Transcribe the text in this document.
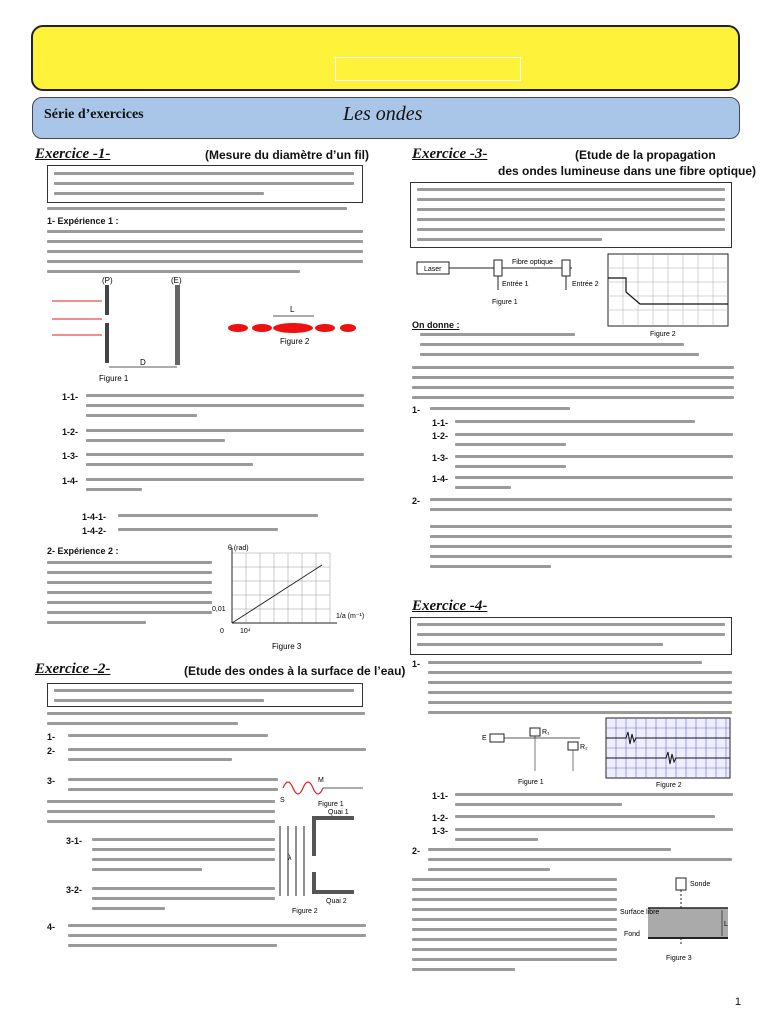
Série d’exercices	Les ondes
Exercice -1-	(Mesure du diamètre d’un fil)
1- Expérience 1 :
(P)	(E)
D
Figure 1
L
Figure 2
1-1-
1-2-
1-3-
1-4-
1-4-1-
1-4-2-
2- Expérience 2 :	θ (rad)
1/a (m⁻¹)
0,01
0 10⁴
Figure 3
Exercice -2-	(Etude des ondes à la surface de l’eau)
1-
2-
3-
3-1-
3-2-
4-
S
M
Figure 1
Quai 1
Quai 2
λ
Figure 2
Exercice -3-	(Etude de la propagation
des ondes lumineuse dans une fibre optique)
Laser
Fibre optique
Entrée 1	Entrée 2
Figure 1
Figure 2
On donne :
1-
1-1-
1-2-
1-3-
1-4-
2-
Exercice -4-
1-
E
R₁
R₂
Figure 1	Figure 2
1-1-
1-2-
1-3-
2-
Sonde
Surface libre
Fond
L
Figure 3
1
